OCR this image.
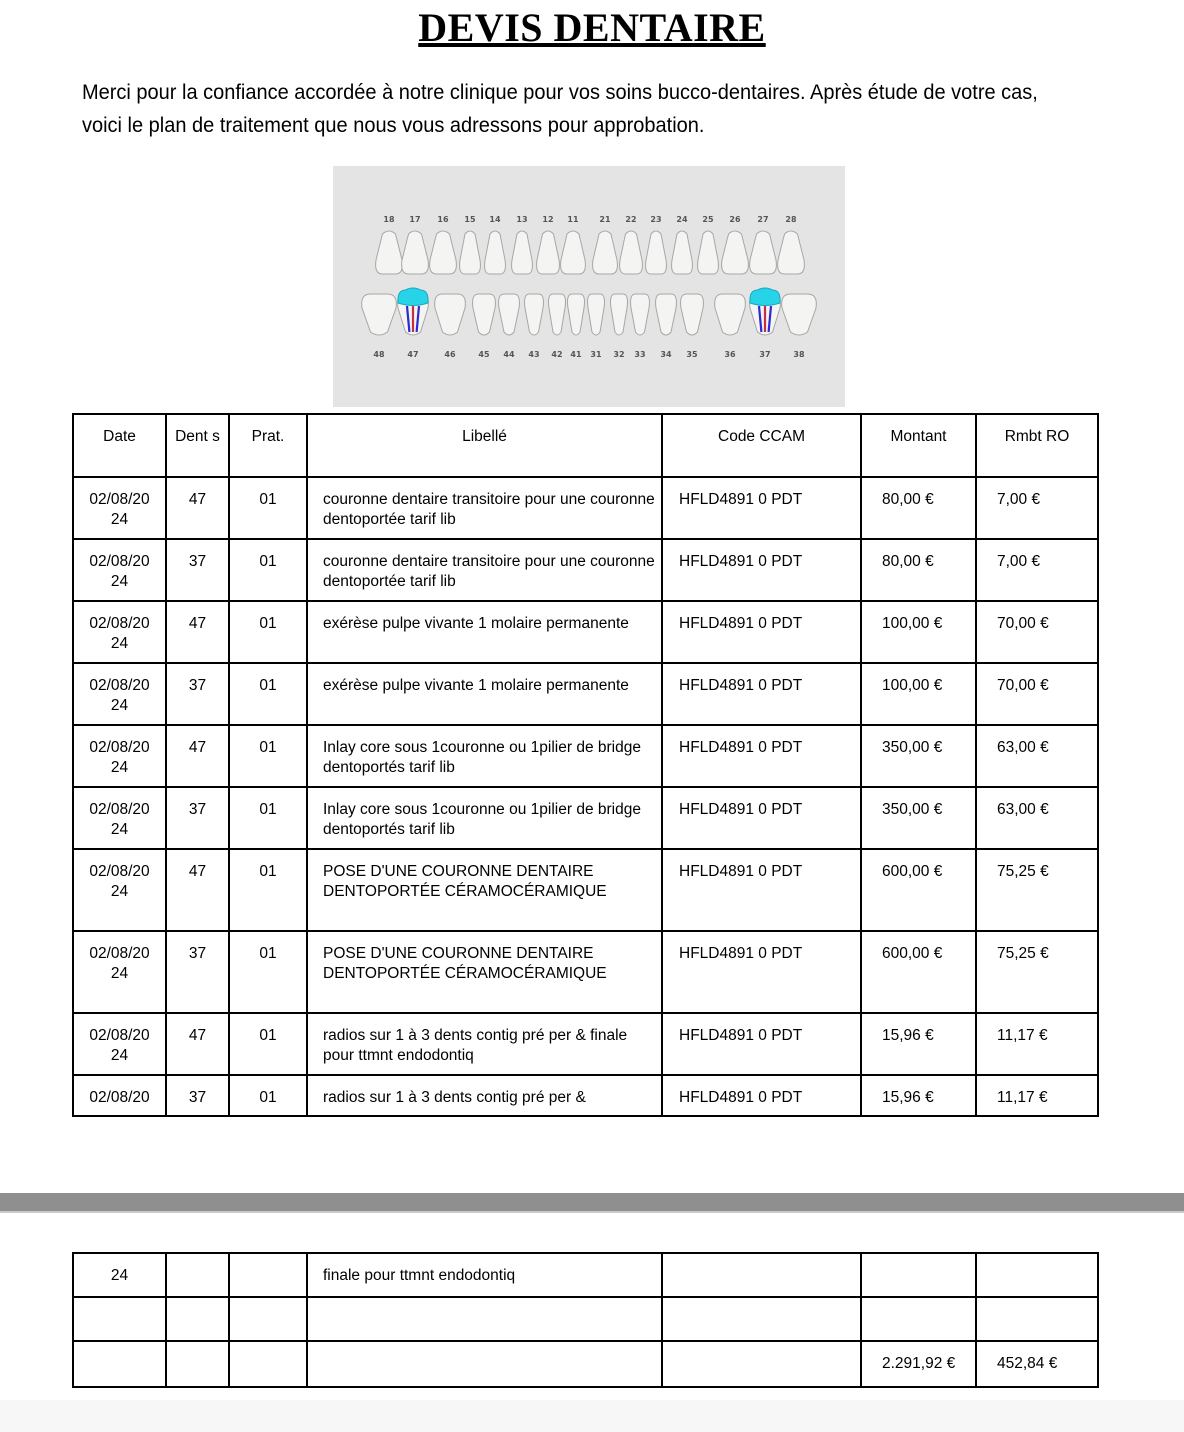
DEVIS DENTAIRE
Merci pour la confiance accordée à notre clinique pour vos soins bucco-dentaires. Après étude de votre cas, voici le plan de traitement que nous vous adressons pour approbation.
18 17 16 15 14 13 12 11	21 22 23 24 25 26 27 28
48	47	46	45 44 43 42 41 31 32 33 34 35	36	37	38
Date	Dent s	Prat.	Libellé	Code CCAM	Montant	Rmbt RO
02/08/20 24	47	01	couronne dentaire transitoire pour une couronne dentoportée tarif lib	HFLD4891 0 PDT	80,00 €	7,00 €
02/08/20 24	37	01	couronne dentaire transitoire pour une couronne dentoportée tarif lib	HFLD4891 0 PDT	80,00 €	7,00 €
02/08/20 24	47	01	exérèse pulpe vivante 1 molaire permanente	HFLD4891 0 PDT	100,00 €	70,00 €
02/08/20 24	37	01	exérèse pulpe vivante 1 molaire permanente	HFLD4891 0 PDT	100,00 €	70,00 €
02/08/20 24	47	01	Inlay core sous 1couronne ou 1pilier de bridge dentoportés tarif lib	HFLD4891 0 PDT	350,00 €	63,00 €
02/08/20 24	37	01	Inlay core sous 1couronne ou 1pilier de bridge dentoportés tarif lib	HFLD4891 0 PDT	350,00 €	63,00 €
02/08/20 24	47	01	POSE D'UNE COURONNE DENTAIRE DENTOPORTÉE CÉRAMOCÉRAMIQUE	HFLD4891 0 PDT	600,00 €	75,25 €
02/08/20 24	37	01	POSE D'UNE COURONNE DENTAIRE DENTOPORTÉE CÉRAMOCÉRAMIQUE	HFLD4891 0 PDT	600,00 €	75,25 €
02/08/20 24	47	01	radios sur 1 à 3 dents contig pré per & finale pour ttmnt endodontiq	HFLD4891 0 PDT	15,96 €	11,17 €
02/08/20	37	01	radios sur 1 à 3 dents contig pré per &	HFLD4891 0 PDT	15,96 €	11,17 €
24			finale pour ttmnt endodontiq			

					2.291,92 €	452,84 €
